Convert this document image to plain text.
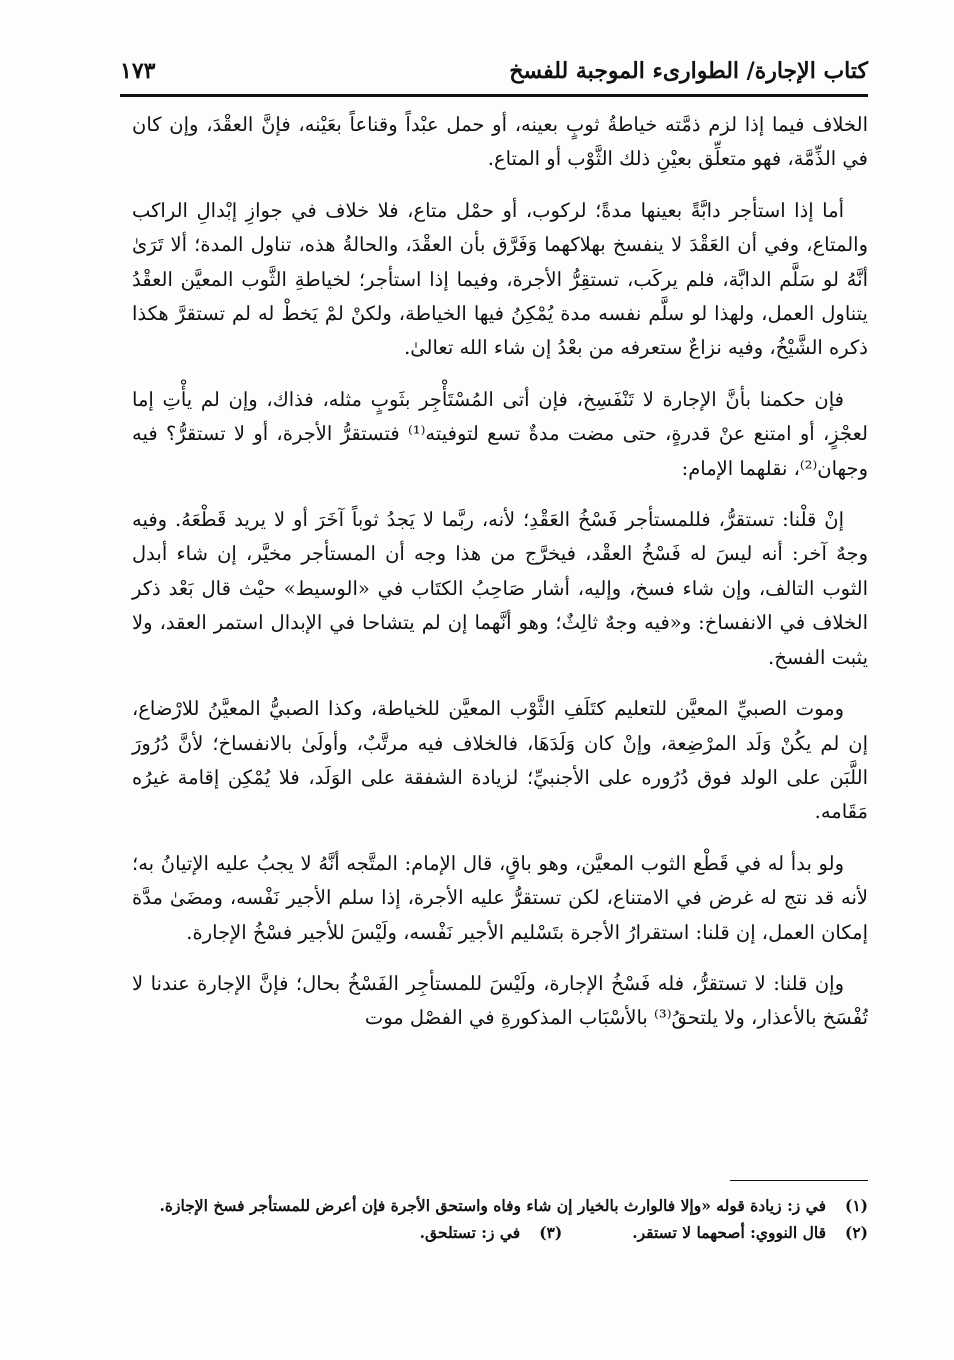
كتاب الإجارة/ الطوارىء الموجبة للفسخ
١٧٣

الخلاف فيما إذا لزم ذمَّته خياطةُ ثوبٍ بعينه، أو حمل عبْداً وقناعاً بعَيْنه، فإنَّ العقْدَ، وإن كان في الذِّمَّة، فهو متعلِّق بعيْنِ ذلك الثَّوْب أو المتاع.

أما إذا استأجر دابَّةً بعينها مدةً؛ لركوب، أو حمْل متاع، فلا خلاف في جوازِ إبْدالِ الراكب والمتاع، وفي أن العَقْدَ لا ينفسخ بهلاكهما وَفَرَّق بأن العقْدَ، والحالةُ هذه، تناول المدة؛ ألا تَرَىٰ أنَّهُ لو سَلَّم الدابَّة، فلم يركَب، تستقِرُّ الأجرة، وفيما إذا استأجر؛ لخياطةِ الثَّوب المعيَّن العقْدُ يتناول العمل، ولهذا لو سلَّم نفسه مدة يُمْكِنُ فيها الخياطة، ولكنْ لمْ يَخطْ له لم تستقرَّ هكذا ذكره الشَّيْخُ، وفيه نزاعٌ ستعرفه من بعْدُ إن شاء الله تعالىٰ.

فإن حكمنا بأنَّ الإجارة لا تَنْفَسِخ، فإن أتى المُسْتَأْجِر بثَوبٍ مثله، فذاك، وإن لم يأْتِ إما لعجْزٍ، أو امتنع عنْ قدرةٍ، حتى مضت مدةٌ تسع لتوفيته⁽¹⁾ فتستقرُّ الأجرة، أو لا تستقرُّ؟ فيه وجهان⁽²⁾، نقلهما الإمام:

إنْ قلْنا: تستقرُّ، فللمستأجر فَسْخُ العَقْدِ؛ لأنه، ربَّما لا يَجدُ ثوباً آخَرَ أو لا يريد قَطْعَهُ. وفيه وجهٌ آخر: أنه ليسَ له فَسْخُ العقْد، فيخرَّج من هذا وجه أن المستأجر مخيَّر، إن شاء أبدل الثوب التالف، وإن شاء فسخ، وإليه، أشار صَاحِبُ الكتَاب في «الوسيط» حيْث قال بَعْد ذكر الخلاف في الانفساخ: و«فيه وجهٌ ثالِثٌ؛ وهو أنَّهما إن لم يتشاحا في الإبدال استمر العقد، ولا يثبت الفسخ.

وموت الصبيِّ المعيَّن للتعليم كتَلَفِ الثَّوْب المعيَّن للخياطة، وكذا الصبيُّ المعيَّنُ للارْضاع، إن لم يكُنْ وَلَد المرْضِعة، وإنْ كان وَلَدَهَا، فالخلاف فيه مرتَّبٌ، وأولَىٰ بالانفساخ؛ لأنَّ دُرُورَ اللَّبَن على الولد فوق دُرُوره على الأجنبيِّ؛ لزيادة الشفقة على الوَلَد، فلا يُمْكِن إقامة غيرُه مَقَامه.

ولو بدأ له في قَطْع الثوب المعيَّن، وهو باقٍ، قال الإمام: المتَّجه أنَّهُ لا يجبُ عليه الإتيانُ به؛ لأنه قد نتج له غرض في الامتناع، لكن تستقرُّ عليه الأجرة، إذا سلم الأجير نَفْسه، ومضَىٰ مدَّة إمكان العمل، إن قلنا: استقرارُ الأجرة بتَسْليم الأجير نَفْسه، ولَيْسَ للأجير فسْخُ الإجارة.

وإن قلنا: لا تستقرُّ، فله فَسْخُ الإجارة، ولَيْسَ للمستأجِر الفَسْخُ بحال؛ فإنَّ الإجارة عندنا لا تُفْسَخ بالأعذار، ولا يلتحقُ⁽³⁾ بالأسْبَاب المذكورةِ في الفصْل موت

(١)
في ز: زيادة قوله «وإلا فالوارث بالخيار إن شاء وفاه واستحق الأجرة فإن أعرض للمستأجر فسخ الإجازة.
(٢)
قال النووي: أصحهما لا تستقر.
(٣)
في ز: تستلحق.
